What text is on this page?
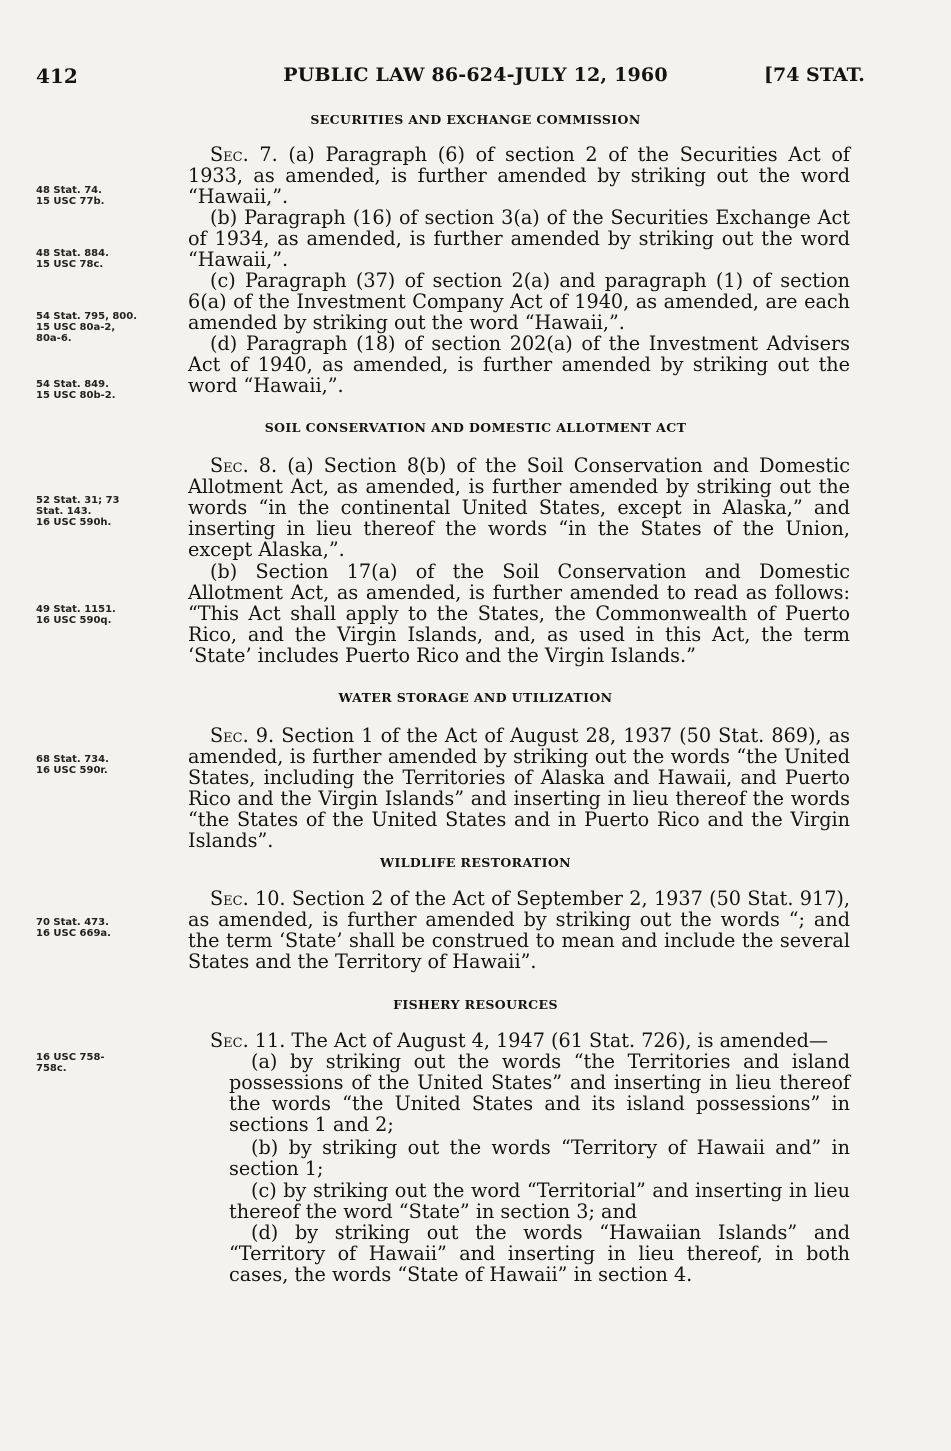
412	PUBLIC LAW 86-624-JULY 12, 1960	[74 STAT.
SECURITIES AND EXCHANGE COMMISSION

48 Stat. 74.
15 USC 77b.

Sec. 7. (a) Paragraph (6) of section 2 of the Securities Act of 1933, as amended, is further amended by striking out the word “Hawaii,”.

48 Stat. 884.
15 USC 78c.

(b) Paragraph (16) of section 3(a) of the Securities Exchange Act of 1934, as amended, is further amended by striking out the word “Hawaii,”.

54 Stat. 795, 800.
15 USC 80a-2,
80a-6.

(c) Paragraph (37) of section 2(a) and paragraph (1) of section 6(a) of the Investment Company Act of 1940, as amended, are each amended by striking out the word “Hawaii,”.

54 Stat. 849.
15 USC 80b-2.

(d) Paragraph (18) of section 202(a) of the Investment Advisers Act of 1940, as amended, is further amended by striking out the word “Hawaii,”.
SOIL CONSERVATION AND DOMESTIC ALLOTMENT ACT

52 Stat. 31; 73
Stat. 143.
16 USC 590h.

Sec. 8. (a) Section 8(b) of the Soil Conservation and Domestic Allotment Act, as amended, is further amended by striking out the words “in the continental United States, except in Alaska,” and inserting in lieu thereof the words “in the States of the Union, except Alaska,”.

49 Stat. 1151.
16 USC 590q.

(b) Section 17(a) of the Soil Conservation and Domestic Allotment Act, as amended, is further amended to read as follows: “This Act shall apply to the States, the Commonwealth of Puerto Rico, and the Virgin Islands, and, as used in this Act, the term ‘State’ includes Puerto Rico and the Virgin Islands.”
WATER STORAGE AND UTILIZATION

68 Stat. 734.
16 USC 590r.

Sec. 9. Section 1 of the Act of August 28, 1937 (50 Stat. 869), as amended, is further amended by striking out the words “the United States, including the Territories of Alaska and Hawaii, and Puerto Rico and the Virgin Islands” and inserting in lieu thereof the words “the States of the United States and in Puerto Rico and the Virgin Islands”.
WILDLIFE RESTORATION

70 Stat. 473.
16 USC 669a.

Sec. 10. Section 2 of the Act of September 2, 1937 (50 Stat. 917), as amended, is further amended by striking out the words “; and the term ‘State’ shall be construed to mean and include the several States and the Territory of Hawaii”.
FISHERY RESOURCES

16 USC 758-
758c.

Sec. 11. The Act of August 4, 1947 (61 Stat. 726), is amended—
(a) by striking out the words “the Territories and island possessions of the United States” and inserting in lieu thereof the words “the United States and its island possessions” in sections 1 and 2;
(b) by striking out the words “Territory of Hawaii and” in section 1;
(c) by striking out the word “Territorial” and inserting in lieu thereof the word “State” in section 3; and
(d) by striking out the words “Hawaiian Islands” and “Territory of Hawaii” and inserting in lieu thereof, in both cases, the words “State of Hawaii” in section 4.
